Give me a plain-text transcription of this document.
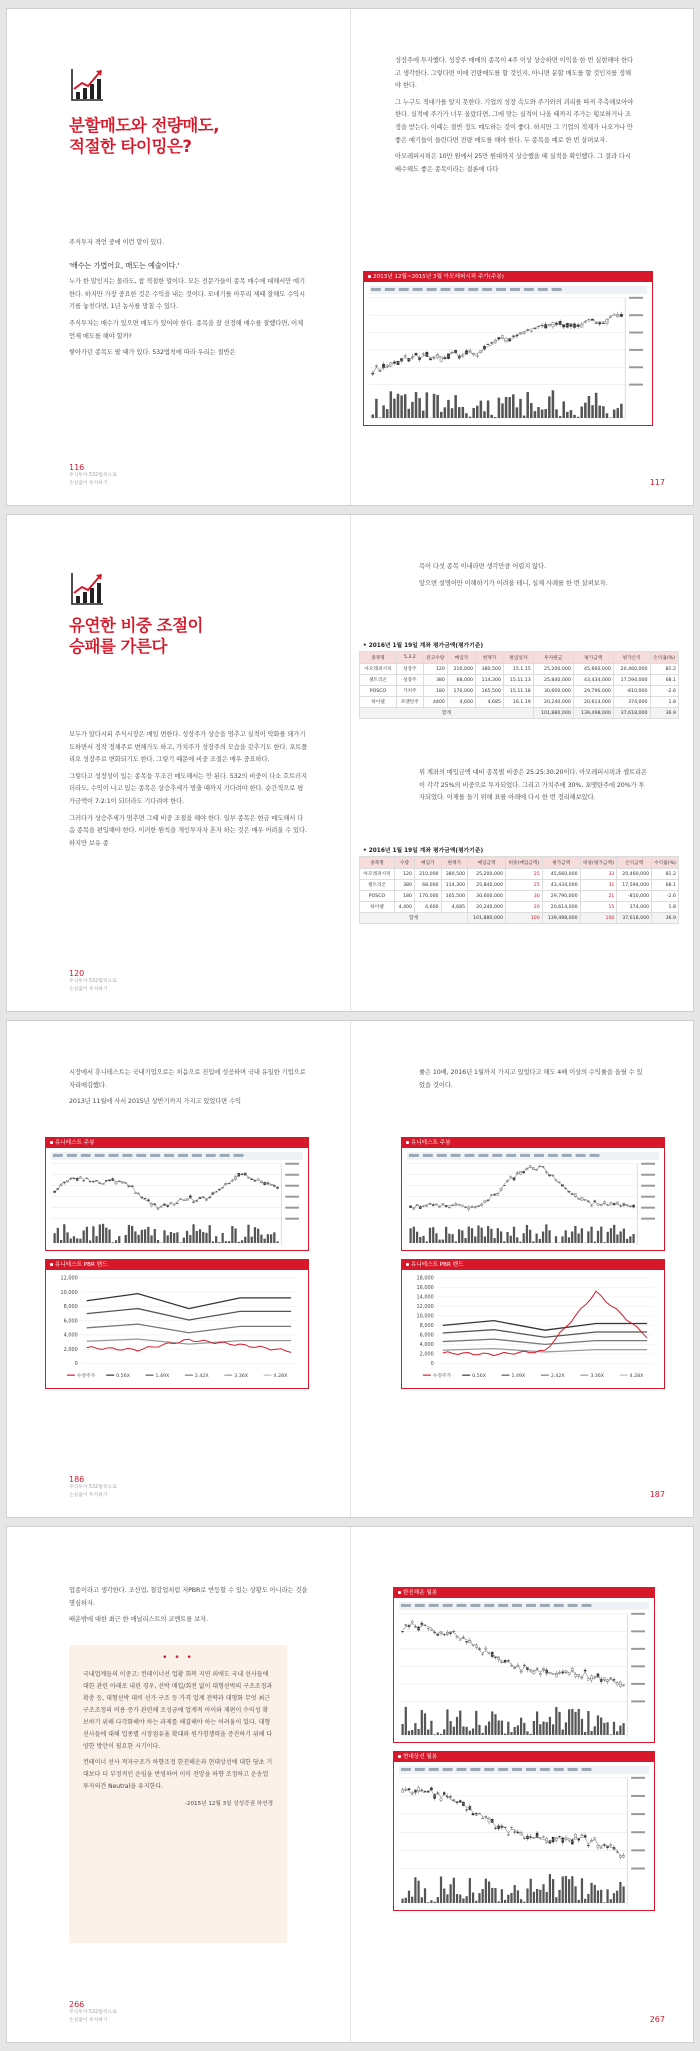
분할매도와 전량매도,
적절한 타이밍은?

주식투자 격언 중에 이런 말이 있다.

'배수는 가볍어요, 매도는 예술이다.'

누가 한 말인지는 몰라도, 참 적절한 말이다. 모든 전문가들이 종목 매수에 대해서만 얘기한다. 하지만 가장 중요한 것은 수익을 내는 것이다. 모네기를 아무리 제때 잘해도 수익시기를 놓친다면, 1년 농사를 망칠 수 있다.

주식투자는 매수가 있으면 매도가 있어야 한다. 종목을 잘 선정해 매수를 잘했다면, 이제 언제 매도를 해야 할까?

쌓아가던 종목도 팔 때가 있다. 532법칙에 따라 우리는 절반은

116
주식투자 532법칙으로
손실없이 투자하기

성장주에 투자했다. 성장주 매매의 종목이 4주 이상 상승하면 이익을 한 번 실현해야 한다고 생각한다. 그렇다면 이에 전량매도를 할 것인지, 아니면 분할 매도를 할 것인지를 정해야 한다.

그 누구도 적대가를 알지 못한다. 기업의 성장 속도와 주가와의 괴리를 따져 추측해보아야 한다. 실적에 주가가 너무 올랐다면, 그에 맞는 실적이 나올 때까지 주가는 횡보하거나 조정을 받는다. 이때는 절반 정도 매도하는 것이 좋다. 하지만 그 기업의 적재가 나오거나 안 좋은 얘기들이 들린다면 전량 매도를 해야 한다. 두 종목을 예로 한 번 살펴보자.

아모레퍼시픽은 10만 원에서 25만 원대까지 상승했을 때 실적을 확인했다. 그 결과 다시 배수해도 좋은 종목이라는 결론에 다다

2013년 12월~2015년 3월 아모레퍼시픽 주가(주봉)
117
유연한 비중 조절이
승패를 가른다

모두가 알다시피 주식시장은 매일 변한다. 성장주가 상승을 멈추고 실적이 악화를 돼가기도하면서 정작 정체주로 변해가도 하고, 가치주가 성장주의 모습을 갖추기도 한다. 포트폴리오 성장주로 변화되기도 한다. 그렇기 때문에 비중 조절은 매우 중요하다.

그렇다고 성장성이 있는 종목을 무조건 매도해서는 안 된다. 532의 비중이 다소 흐트러지더라도, 수익이 나고 있는 종목은 상승추세가 멈출 때까지 기다려야 한다. 순간적으로 평가금액이 7:2:1이 되더라도 기다려야 한다.

그러다가 상승추세가 멈추면 그때 비중 조절을 해야 한다. 일부 종목은 현금 매도해서 다음 종목을 편입해야 한다. 이러한 원칙을 개인투자자 혼자 하는 것은 매우 어려울 수 있다. 하지만 보유 종

120
주식투자 532법칙으로
손실없이 투자하기

목이 다섯 종목 이내라면 생각만큼 어렵지 않다.

앞으면 설명이만 이해하기가 어려울 테니, 실제 사례를 한 번 살펴보자.

• 2016년 1월 19일 계좌 평가금액(평가기준)
종목명	5.3.2	잔고수량	매입가	현재가	편입일자	투자원금	평가금액	평가손익	손익률(%)
아모레퍼시픽	성장주	120	210,000	380,500	15.1.15	25,200,000	45,660,000	20,460,000	81.2
셀트리온	성장주	380	68,000	114,300	15.11.13	25,840,000	43,434,000	17,594,000	68.1
POSCO	가치주	180	170,000	165,500	15.11.18	30,600,000	29,790,000	-810,000	-2.6
하이델	포맷탄주	4400	4,600	4,685	16.1.19	20,240,000	20,614,000	374,000	1.8
합계						101,880,000	139,498,000	37,618,000	36.9

위 계좌의 매입금액 대비 종목별 비중은 25:25:30:20이다. 아모레퍼시픽과 셀트리온이 각각 25%의 비중으로 투자되었다. 그리고 가치주에 30%, 포맷탄주에 20%가 투자되었다. 이제를 들기 위해 표를 아래에 다시 한 번 정리해보았다.

• 2016년 1월 19일 계좌 평가금액(평가기준)
종목명	수량	매입가	현재가	매입금액	비중(매입금액)	평가금액	비중(평가금액)	손익금액	수익률(%)
아모레퍼시픽	120	210,000	380,500	25,200,000	25	45,660,000	33	20,460,000	81.2
셀트리온	380	68,000	114,300	25,840,000	25	43,434,000	31	17,594,000	68.1
POSCO	180	170,000	165,500	30,600,000	30	29,790,000	21	-810,000	-2.6
하이델	4,400	4,600	4,685	20,240,000	20	20,614,000	15	374,000	1.8
합계				101,880,000	100	139,498,000	100	37,618,000	36.9

시장에서 휴니테스트는 국내기업으로는 처음으로 진입에 성공하며 국내 유일한 기업으로 자리매김했다.

2013년 11월에 사서 2015년 상반기까지 가지고 있었다면 수익

유니테스트 주봉
유니테스트 PBR 밴드
0
2,000
4,000
6,000
8,000
10,000
12,000
수정주가	0.56X	1.49X	2.42X	3.36X	4.28X
186
주식투자 532법칙으로
손실없이 투자하기

률은 10배, 2016년 1월까지 가지고 있었다고 해도 4배 이상의 수익률을 올릴 수 있었을 것이다.

유니테스트 주봉
유니테스트 PBR 밴드
0
2,000
4,000
6,000
8,000
10,000
12,000
14,000
16,000
18,000
수정주가	0.56X	1.49X	2.42X	3.36X	4.28X
187

업종이라고 생각한다. 조선업, 철강업처럼 저PBR로 반등할 수 있는 상황도 아니라는 것을 명심하자.

배운밖에 대한 최근 한 애널리스트의 코멘트를 보자.

• • •

국내업계들의 이중고: 컨테이너선 업황 회복 지연 외에도 국내 선사들에 대한 관련 아래로 내린 경우, 선박 매입/회전 없이 대형선박의 구조조정과 확충 등, 대형선박 대비 선가 구조 등 가격 업계 전략과 대형화 무엇 최근 구조조정의 비용 증가 관련해 조성금에 업계적 아이와 재편이 수익성 확보하기 위해 다각화해야 하는 과제를 해결해야 하는 어려움이 있다. 대형 선사들에 대해 업종별 시장점유율 확대와 원가경쟁력을 증진하기 위해 다양한 방안이 필요한 시기이다.

컨테이너 선사 적자구조가 하향조정 한진해운과 현대상선에 대한 당초 기대보다 더 부정적인 운임을 반영하여 이익 전망을 하향 조정하고 운송업 투자의견 Neutral을 유지한다.

-2015년 12월 3일 삼성증권 하연경

266
주식투자 532법칙으로
손실없이 투자하기
한진해운 월봉
현대상선 월봉
267
